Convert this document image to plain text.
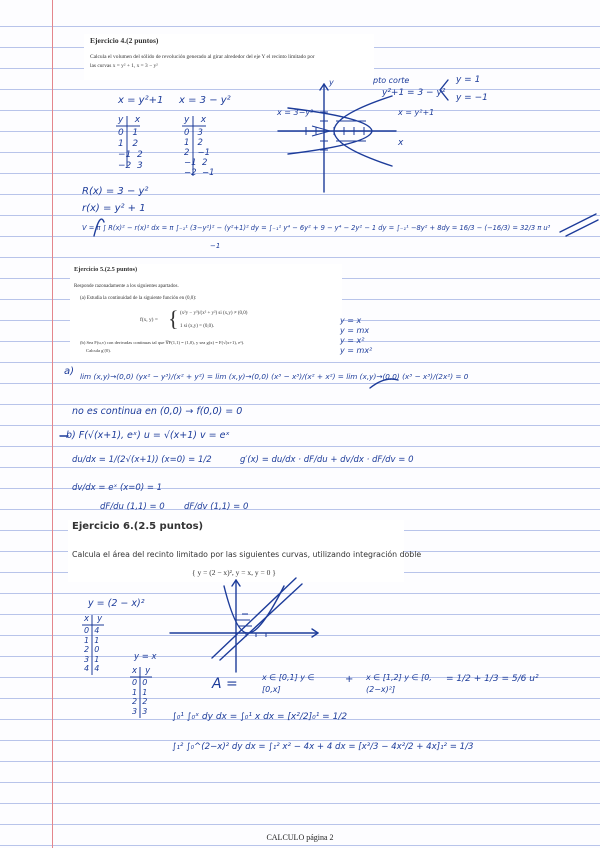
Ejercicio 4.(2 puntos)
Calcula el volumen del sólido de revolución generado al girar alrededor del eje Y el recinto limitado por
las curvas x = y² + 1, x = 3 − y²
x = y²+1 x = 3 − y²
y x
0 1
1 2
−1 2
−2 3
y x
0 3
1 2
2 −1
−1 2
−2 −1
pto corte
y²+1 = 3 − y²
y = 1
y = −1
x = 3−y²	x = y²+1
y
x
R(x) = 3 − y²
r(x) = y² + 1
V = π ∫ R(x)² − r(x)² dx = π ∫₋₁¹ (3−y²)² − (y²+1)² dy = ∫₋₁¹ y⁴ − 6y² + 9 − y⁴ − 2y² − 1 dy = ∫₋₁¹ −8y² + 8dy = 16/3 − (−16/3) = 32/3 π u³
−1
Ejercicio 5.(2.5 puntos)
Responde razonadamente a los siguientes apartados.
(a) Estudia la continuidad de la siguiente función en (0,0):
f(x, y) = { (x²y − y³)/(x² + y²) si (x,y) ≠ (0,0)
1 si (x,y) = (0,0).
(b) Sea F(u,v) con derivadas continuas tal que ∇F(1,1) = (1,0), y sea g(x) = F(√(x+1), eˣ).
Calcula g′(0).
y = x
y = mx
y = x²
y = mx²
a) lim (x,y)→(0,0) (yx² − y³)/(x² + y²) = lim (x,y)→(0,0) (x³ − x³)/(x² + x²) = lim (x,y)→(0,0) (x³ − x³)/(2x²) = 0
no es continua en (0,0) → f(0,0) = 0
b) F(√(x+1), eˣ) u = √(x+1) v = eˣ
du/dx = 1/(2√(x+1)) (x=0) = 1/2	g′(x) = du/dx · dF/du + dv/dx · dF/dv = 0
dv/dx = eˣ (x=0) = 1
dF/du (1,1) = 0 dF/dv (1,1) = 0
Ejercicio 6.(2.5 puntos)
Calcula el área del recinto limitado por las siguientes curvas, utilizando integración doble
{ y = (2 − x)², y = x, y = 0 }
y = (2 − x)²
x y
0 4
1 1
2 0
3 1
4 4
y = x
x y
0 0
1 1
2 2
3 3
A =	x ∈ [0,1] y ∈ [0,x]
+ x ∈ [1,2] y ∈ [0,(2−x)²]
= 1/2 + 1/3 = 5/6 u²
∫₀¹ ∫₀ˣ dy dx = ∫₀¹ x dx = [x²/2]₀¹ = 1/2
∫₁² ∫₀^(2−x)² dy dx = ∫₁² x² − 4x + 4 dx = [x³/3 − 4x²/2 + 4x]₁² = 1/3
CALCULO página 2
